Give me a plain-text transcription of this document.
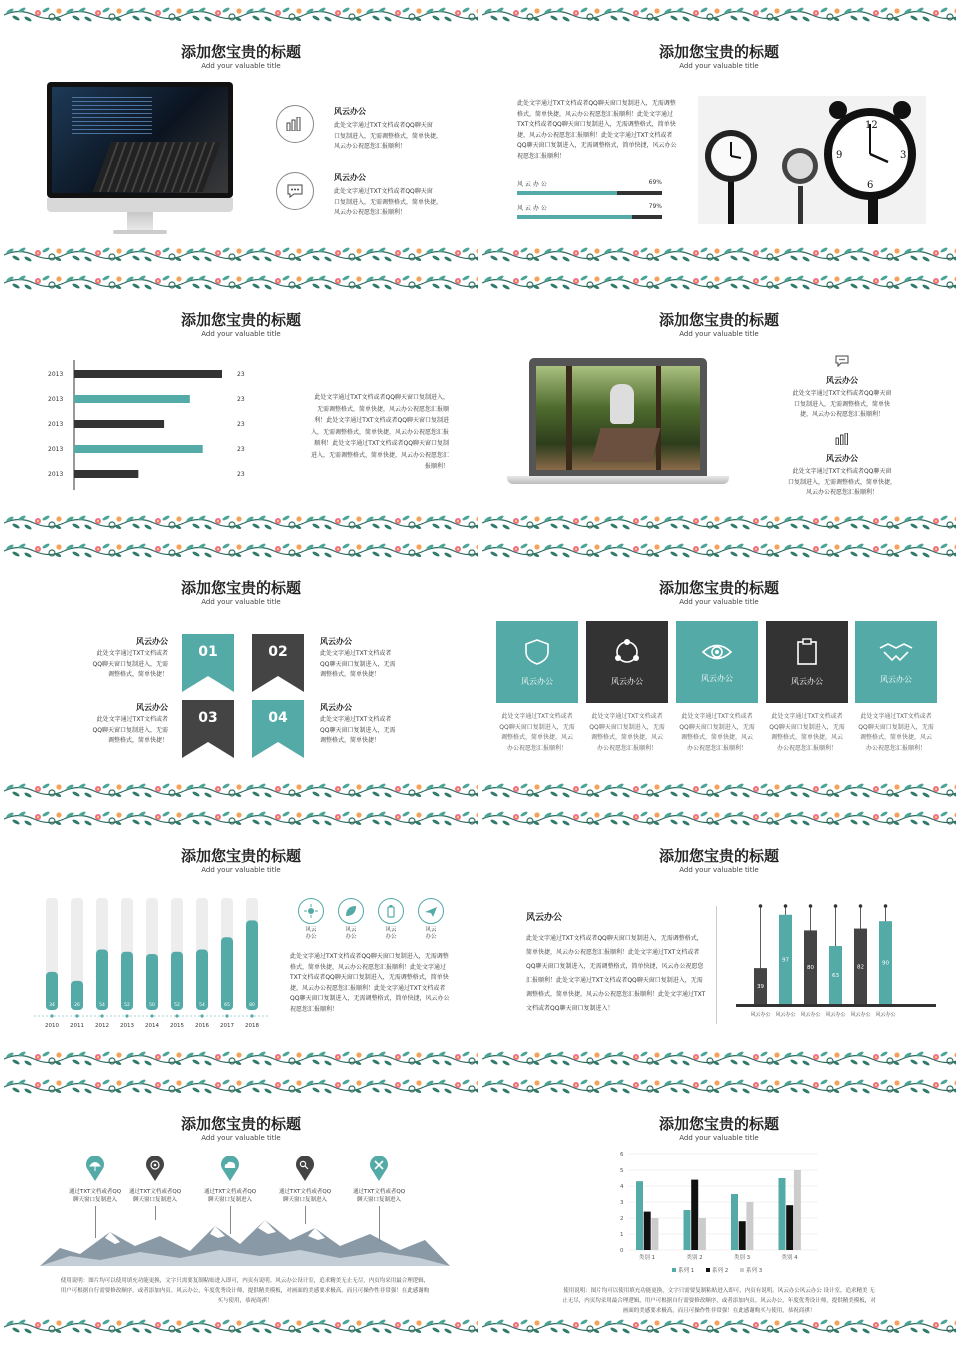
添加您宝贵的标题
Add your valuable title
风云办公
此处文字通过TXT文档或者QQ聊天窗
口复制进入，无需调整格式，简单快捷，
风云办公祝愿您汇报顺利！
风云办公
此处文字通过TXT文档或者QQ聊天窗
口复制进入，无需调整格式，简单快捷，
风云办公祝愿您汇报顺利！
添加您宝贵的标题
Add your valuable title
此处文字通过TXT文档或者QQ聊天窗口复制进入，无需调整
格式，简单快捷，风云办公祝愿您汇报顺利！此处文字通过
TXT文档或者QQ聊天窗口复制进入，无需调整格式，简单快
捷，风云办公祝愿您汇报顺利！此处文字通过TXT文档或者
QQ聊天窗口复制进入，无需调整格式，简单快捷，风云办公
祝愿您汇报顺利！
风 云 办 公	69%
风 云 办 公	79%
12
3
6
9
添加您宝贵的标题
Add your valuable title
2013	23
2013	23
2013	23
2013	23
2013	23
此处文字通过TXT文档或者QQ聊天窗口复制进入，
无需调整格式，简单快捷，风云办公祝愿您汇报顺
利！此处文字通过TXT文档或者QQ聊天窗口复制进
入，无需调整格式，简单快捷，风云办公祝愿您汇报
顺利！此处文字通过TXT文档或者QQ聊天窗口复制
进入，无需调整格式，简单快捷，风云办公祝愿您汇
报顺利！
添加您宝贵的标题
Add your valuable title
风云办公
此处文字通过TXT文档或者QQ聊天窗
口复制进入，无需调整格式，简单快
捷，风云办公祝愿您汇报顺利！
风云办公
此处文字通过TXT文档或者QQ聊天窗
口复制进入，无需调整格式，简单快捷，
风云办公祝愿您汇报顺利！
添加您宝贵的标题
Add your valuable title
风云办公
此处文字通过TXT文档或者
QQ聊天窗口复制进入，无需
调整格式，简单快捷！
风云办公
此处文字通过TXT文档或者
QQ聊天窗口复制进入，无需
调整格式，简单快捷！
01	02
03	04
风云办公
此处文字通过TXT文档或者
QQ聊天窗口复制进入，无需
调整格式，简单快捷！
风云办公
此处文字通过TXT文档或者
QQ聊天窗口复制进入，无需
调整格式，简单快捷！
添加您宝贵的标题
Add your valuable title
风云办公	风云办公	风云办公	风云办公	风云办公
此处文字通过TXT文档或者
QQ聊天窗口复制进入，无需
调整格式，简单快捷，风云
办公祝愿您汇报顺利！
此处文字通过TXT文档或者
QQ聊天窗口复制进入，无需
调整格式，简单快捷，风云
办公祝愿您汇报顺利！
此处文字通过TXT文档或者
QQ聊天窗口复制进入，无需
调整格式，简单快捷，风云
办公祝愿您汇报顺利！
此处文字通过TXT文档或者
QQ聊天窗口复制进入，无需
调整格式，简单快捷，风云
办公祝愿您汇报顺利！
此处文字通过TXT文档或者
QQ聊天窗口复制进入，无需
调整格式，简单快捷，风云
办公祝愿您汇报顺利！
添加您宝贵的标题
Add your valuable title
34
2010
26
2011
54
2012
52
2013
50
2014
52
2015
54
2016
65
2017
80
2018
风云
办公
风云
办公
风云
办公
风云
办公
此处文字通过TXT文档或者QQ聊天窗口复制进入，无需调整
格式，简单快捷，风云办公祝愿您汇报顺利！此处文字通过
TXT文档或者QQ聊天窗口复制进入，无需调整格式，简单快
捷，风云办公祝愿您汇报顺利！此处文字通过TXT文档或者
QQ聊天窗口复制进入，无需调整格式，简单快捷，风云办公
祝愿您汇报顺利！
添加您宝贵的标题
Add your valuable title
风云办公
此处文字通过TXT文档或者QQ聊天窗口复制进入，无需调整格式，
简单快捷，风云办公祝愿您汇报顺利！此处文字通过TXT文档或者
QQ聊天窗口复制进入，无需调整格式，简单快捷，风云办公祝愿您
汇报顺利！此处文字通过TXT文档或者QQ聊天窗口复制进入，无需
调整格式，简单快捷，风云办公祝愿您汇报顺利！此处文字通过TXT
文档或者QQ聊天窗口复制进入！
39
风云办公
97
风云办公
80
风云办公
63
风云办公
82
风云办公
90
风云办公
添加您宝贵的标题
Add your valuable title
通过TXT文档或者QQ
聊天窗口复制进入
通过TXT文档或者QQ
聊天窗口复制进入
通过TXT文档或者QQ
聊天窗口复制进入
通过TXT文档或者QQ
聊天窗口复制进入
通过TXT文档或者QQ
聊天窗口复制进入
使用说明：图片均可以使用填充功能更换，文字只需要复制粘贴进入即可，内页有说明。风云办公设计室，追求精美无止无尽，内页均采用最合理逻辑，
用户可根据自行需要修改顺序，或者添加内页。风云办公，年度优秀设计师，提供精美模板，对画面的美感要求极高，而且可操作性非常强！在此感谢购
买与使用，恭祝商祺！
添加您宝贵的标题
Add your valuable title
0
1
2
3
4
5
6
类别 1	类别 2	类别 3	类别 4
系列 1	系列 2	系列 3
使用说明：图片均可以使用填充功能更换，文字只需要复制粘贴进入即可，内页有说明。风云办公风云办公 设计室，追求精美 无
止无尽，内页均采用最合理逻辑，用户可根据自行需要修改顺序，或者添加内页。风云办公，年度优秀设计师，提供精美模板，对
画面的美感要求极高，而且可操作性非常强！在此感谢购买与使用，恭祝商祺！
